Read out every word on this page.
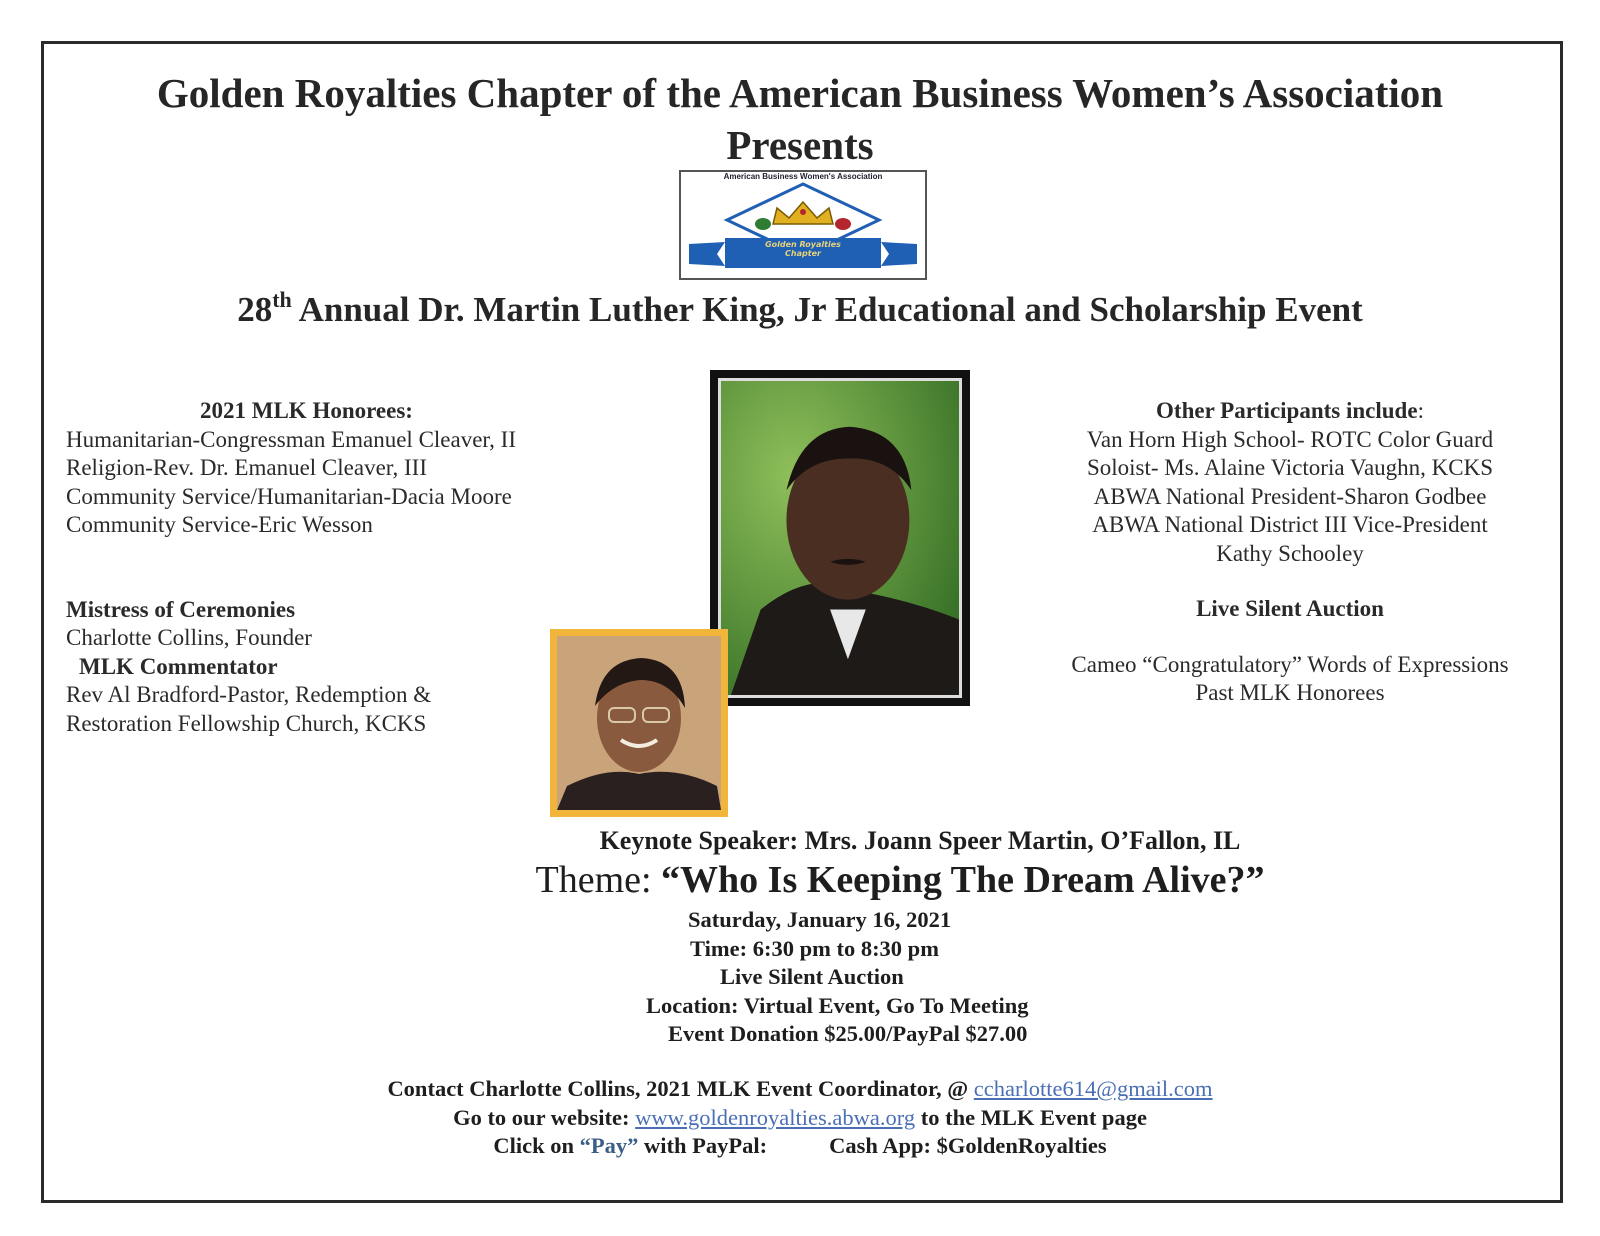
Golden Royalties Chapter of the American Business Women’s Association
Presents
American Business Women's Association
Golden Royalties Chapter
28th Annual Dr. Martin Luther King, Jr Educational and Scholarship Event
2021 MLK Honorees:
Humanitarian-Congressman Emanuel Cleaver, II
Religion-Rev. Dr. Emanuel Cleaver, III
Community Service/Humanitarian-Dacia Moore
Community Service-Eric Wesson
Mistress of Ceremonies
Charlotte Collins, Founder
MLK Commentator
Rev Al Bradford-Pastor, Redemption &
Restoration Fellowship Church, KCKS
Other Participants include:
Van Horn High School- ROTC Color Guard
Soloist- Ms. Alaine Victoria Vaughn, KCKS
ABWA National President-Sharon Godbee
ABWA National District III Vice-President
Kathy Schooley
Live Silent Auction
Cameo “Congratulatory” Words of Expressions
Past MLK Honorees
Keynote Speaker: Mrs. Joann Speer Martin, O’Fallon, IL
Theme: “Who Is Keeping The Dream Alive?”
Saturday, January 16, 2021
Time: 6:30 pm to 8:30 pm
Live Silent Auction
Location: Virtual Event, Go To Meeting
Event Donation $25.00/PayPal $27.00
Contact Charlotte Collins, 2021 MLK Event Coordinator, @ ccharlotte614@gmail.com
Go to our website: www.goldenroyalties.abwa.org to the MLK Event page
Click on “Pay” with PayPal:	Cash App: $GoldenRoyalties
